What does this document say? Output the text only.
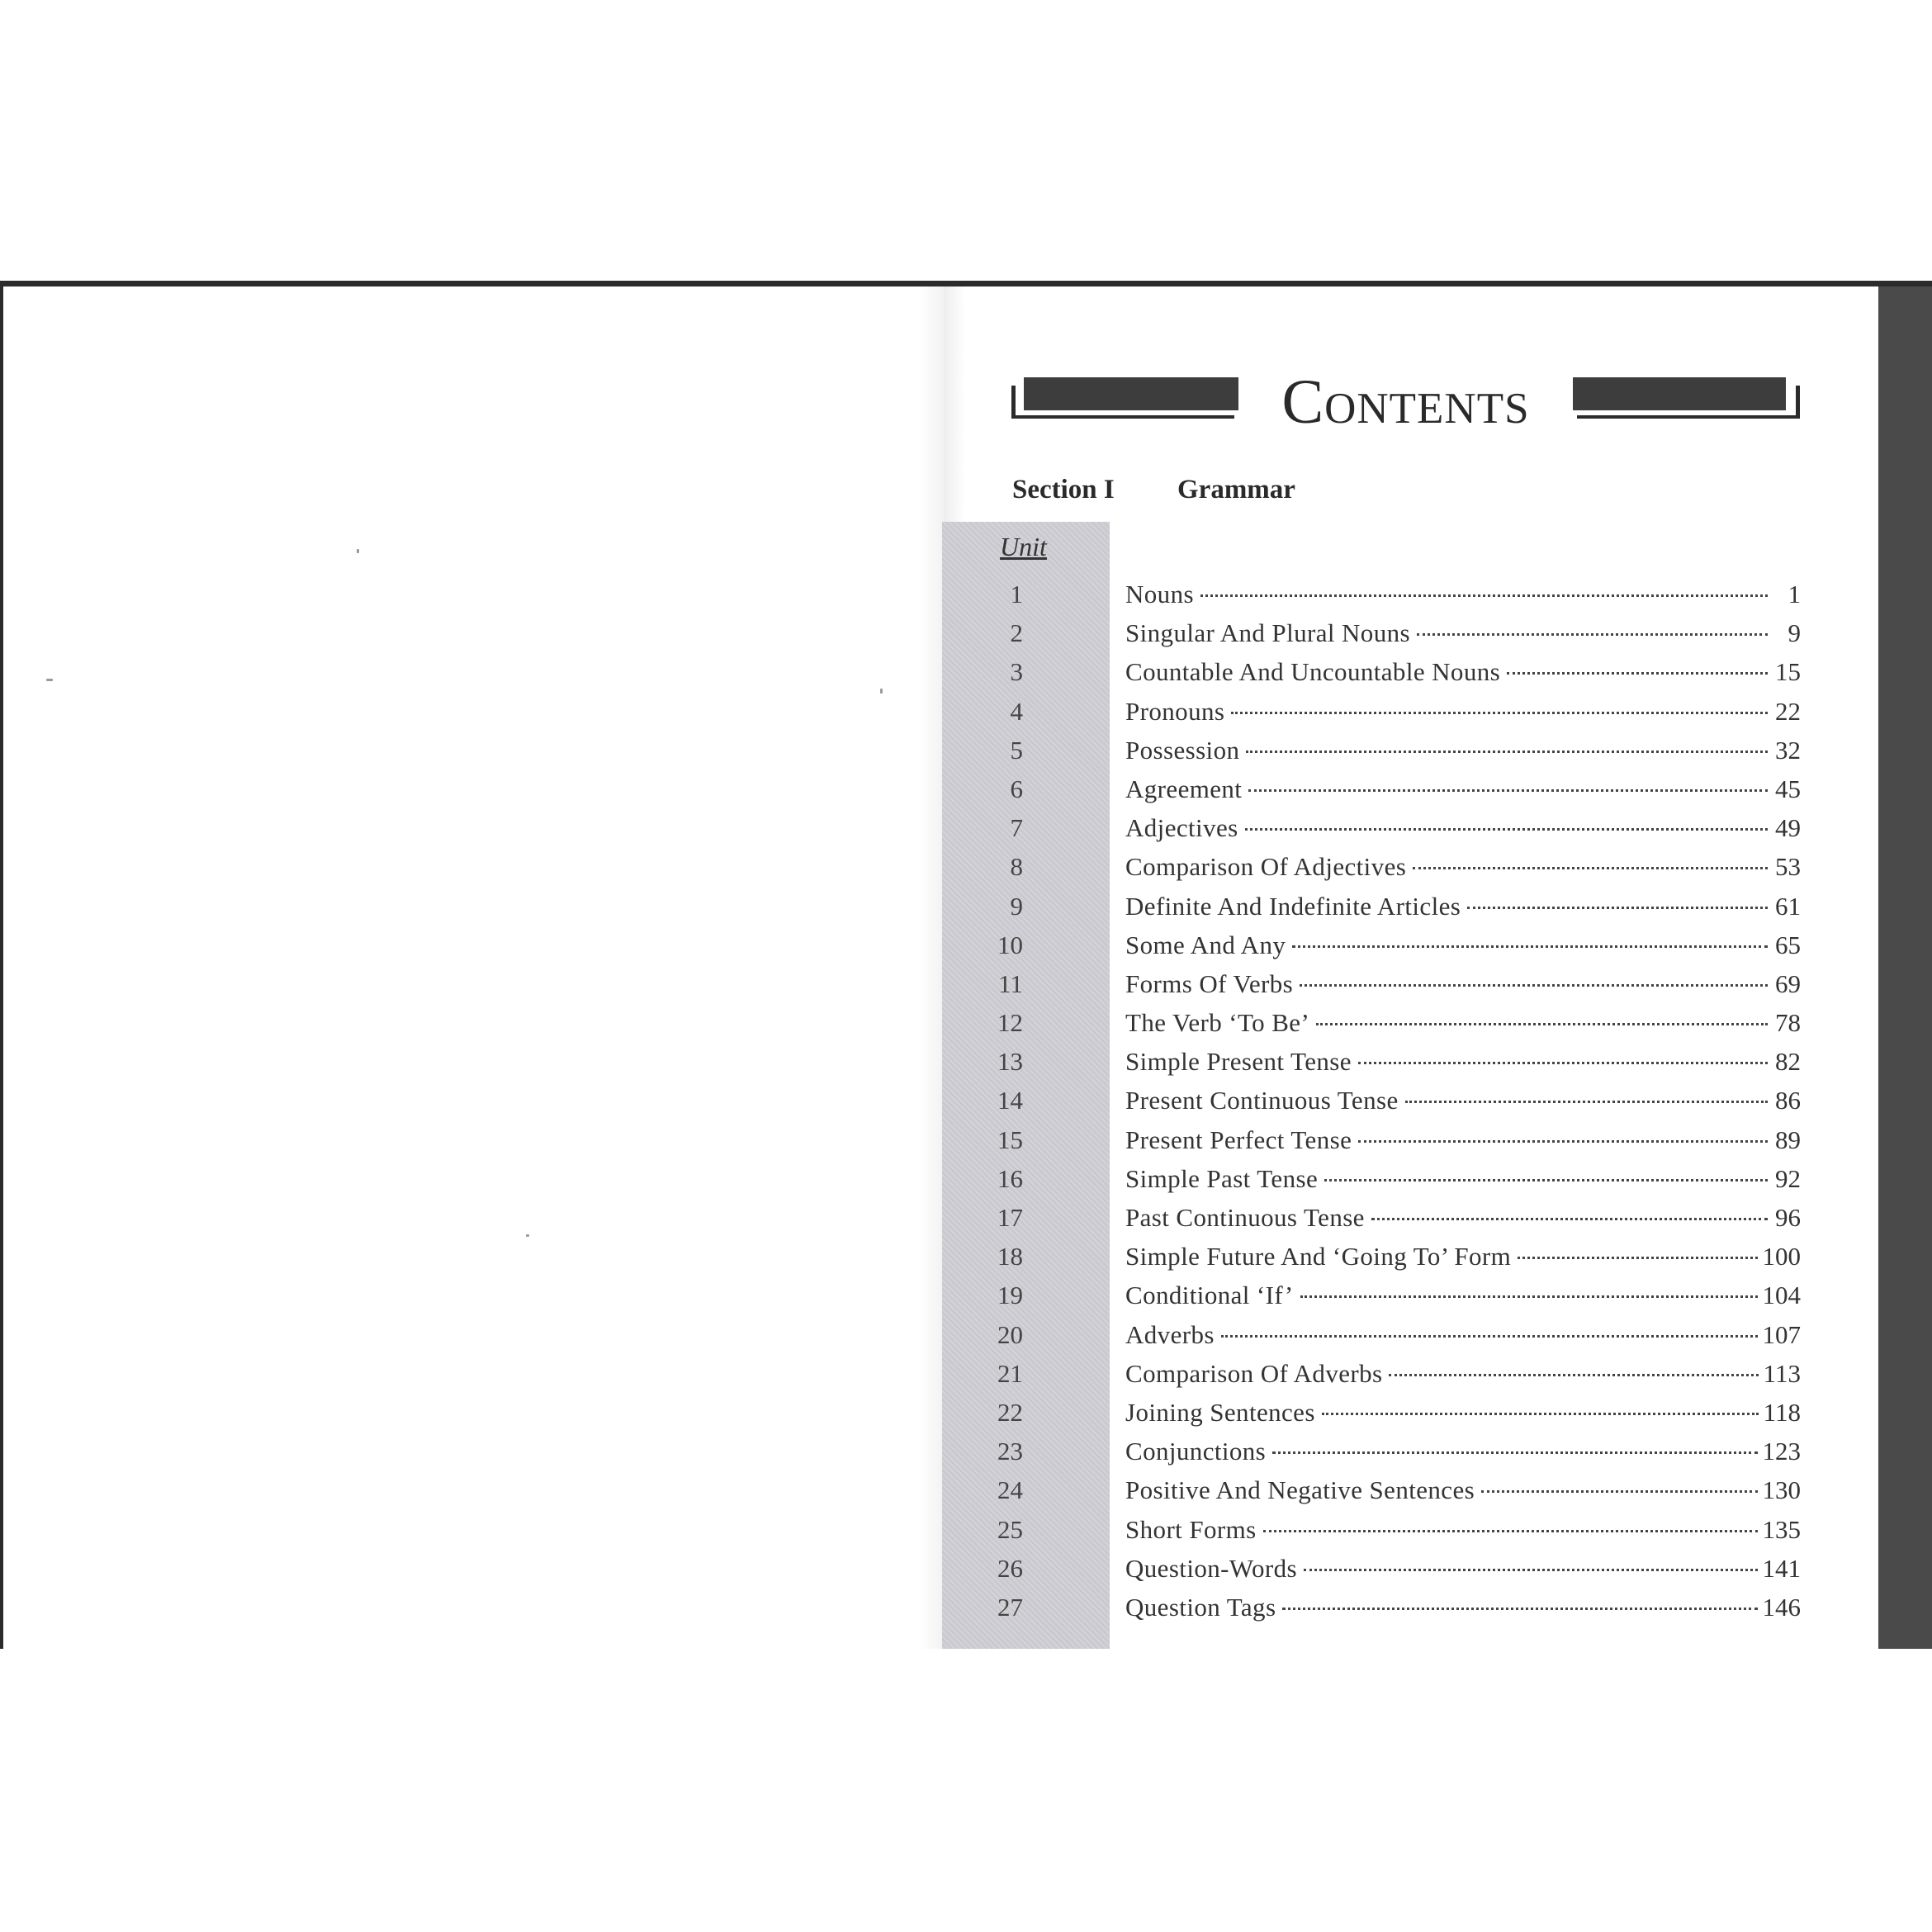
Contents
Section I Grammar
Unit
1	Nouns	1
2	Singular And Plural Nouns	9
3	Countable And Uncountable Nouns	15
4	Pronouns	22
5	Possession	32
6	Agreement	45
7	Adjectives	49
8	Comparison Of Adjectives	53
9	Definite And Indefinite Articles	61
10	Some And Any	65
11	Forms Of Verbs	69
12	The Verb ‘To Be’	78
13	Simple Present Tense	82
14	Present Continuous Tense	86
15	Present Perfect Tense	89
16	Simple Past Tense	92
17	Past Continuous Tense	96
18	Simple Future And ‘Going To’ Form	100
19	Conditional ‘If’	104
20	Adverbs	107
21	Comparison Of Adverbs	113
22	Joining Sentences	118
23	Conjunctions	123
24	Positive And Negative Sentences	130
25	Short Forms	135
26	Question-Words	141
27	Question Tags	146
